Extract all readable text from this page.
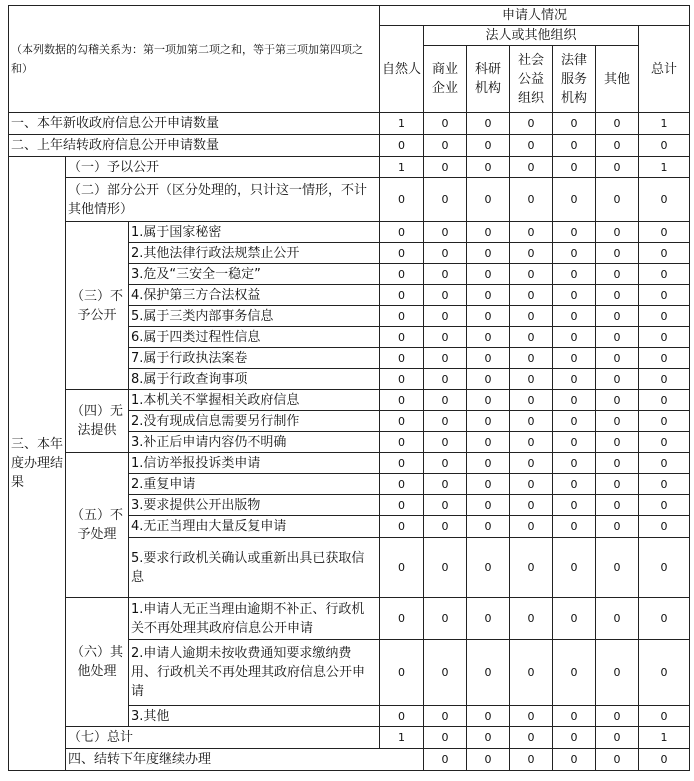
（本列数据的勾稽关系为：第一项加第二项之和，等于第三项加第四项之和）			申请人情况							
			自然人	法人或其他组织					总计	
				商业企业	科研机构	社会公益组织	法律服务机构	其他		
一、本年新收政府信息公开申请数量			1	0	0	0	0	0	1	
二、上年结转政府信息公开申请数量			0	0	0	0	0	0	0	
三、本年度办理结果	（一）予以公开		1	0	0	0	0	0	1	
	（二）部分公开（区分处理的，只计这一情形，不计其他情形）		0	0	0	0	0	0	0	
	（三）不予公开	1.属于国家秘密	0	0	0	0	0	0	0	
		2.其他法律行政法规禁止公开	0	0	0	0	0	0	0	
		3.危及“三安全一稳定”	0	0	0	0	0	0	0	
		4.保护第三方合法权益	0	0	0	0	0	0	0	
		5.属于三类内部事务信息	0	0	0	0	0	0	0	
		6.属于四类过程性信息	0	0	0	0	0	0	0	
		7.属于行政执法案卷	0	0	0	0	0	0	0	
		8.属于行政查询事项	0	0	0	0	0	0	0	
	（四）无法提供	1.本机关不掌握相关政府信息	0	0	0	0	0	0	0	
		2.没有现成信息需要另行制作	0	0	0	0	0	0	0	
		3.补正后申请内容仍不明确	0	0	0	0	0	0	0	
	（五）不予处理	1.信访举报投诉类申请	0	0	0	0	0	0	0	
		2.重复申请	0	0	0	0	0	0	0	
		3.要求提供公开出版物	0	0	0	0	0	0	0	
		4.无正当理由大量反复申请	0	0	0	0	0	0	0	
		5.要求行政机关确认或重新出具已获取信息	0	0	0	0	0	0	0	
	（六）其他处理	1.申请人无正当理由逾期不补正、行政机关不再处理其政府信息公开申请	0	0	0	0	0	0	0	
		2.申请人逾期未按收费通知要求缴纳费用、行政机关不再处理其政府信息公开申请	0	0	0	0	0	0	0	
		3.其他	0	0	0	0	0	0	0	
	（七）总计		1	0	0	0	0	0	1	
	四、结转下年度继续办理			0	0	0	0	0	0	
